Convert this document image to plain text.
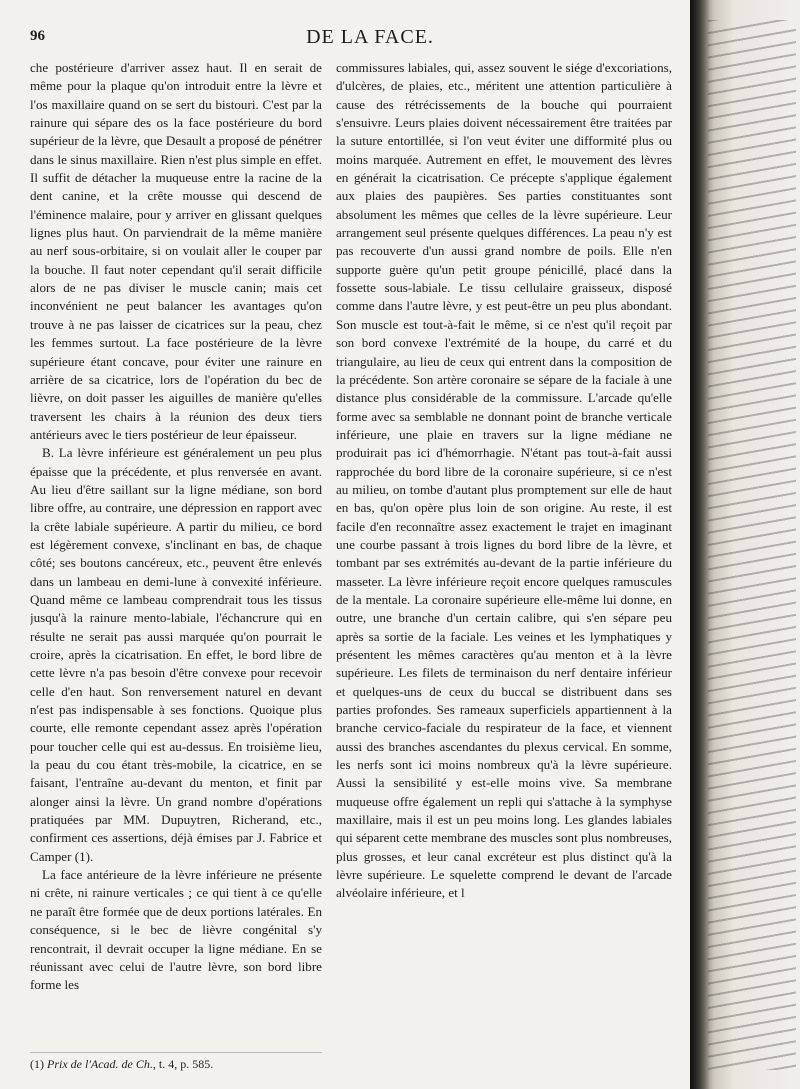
96	DE LA FACE.

che postérieure d'arriver assez haut. Il en serait de même pour la plaque qu'on introduit entre la lèvre et l'os maxillaire quand on se sert du bistouri. C'est par la rainure qui sépare des os la face postérieure du bord supérieur de la lèvre, que Desault a proposé de pénétrer dans le sinus maxillaire. Rien n'est plus simple en effet. Il suffit de détacher la muqueuse entre la racine de la dent canine, et la crête mousse qui descend de l'éminence malaire, pour y arriver en glissant quelques lignes plus haut. On parviendrait de la même manière au nerf sous-orbitaire, si on voulait aller le couper par la bouche. Il faut noter cependant qu'il serait difficile alors de ne pas diviser le muscle canin; mais cet inconvénient ne peut balancer les avantages qu'on trouve à ne pas laisser de cicatrices sur la peau, chez les femmes surtout. La face postérieure de la lèvre supérieure étant concave, pour éviter une rainure en arrière de sa cicatrice, lors de l'opération du bec de lièvre, on doit passer les aiguilles de manière qu'elles traversent les chairs à la réunion des deux tiers antérieurs avec le tiers postérieur de leur épaisseur.

B. La lèvre inférieure est généralement un peu plus épaisse que la précédente, et plus renversée en avant. Au lieu d'être saillant sur la ligne médiane, son bord libre offre, au contraire, une dépression en rapport avec la crête labiale supérieure. A partir du milieu, ce bord est légèrement convexe, s'inclinant en bas, de chaque côté; ses boutons cancéreux, etc., peuvent être enlevés dans un lambeau en demi-lune à convexité inférieure. Quand même ce lambeau comprendrait tous les tissus jusqu'à la rainure mento-labiale, l'échancrure qui en résulte ne serait pas aussi marquée qu'on pourrait le croire, après la cicatrisation. En effet, le bord libre de cette lèvre n'a pas besoin d'être convexe pour recevoir celle d'en haut. Son renversement naturel en devant n'est pas indispensable à ses fonctions. Quoique plus courte, elle remonte cependant assez après l'opération pour toucher celle qui est au-dessus. En troisième lieu, la peau du cou étant très-mobile, la cicatrice, en se faisant, l'entraîne au-devant du menton, et finit par alonger ainsi la lèvre. Un grand nombre d'opérations pratiquées par MM. Dupuytren, Richerand, etc., confirment ces assertions, déjà émises par J. Fabrice et Camper (1).

La face antérieure de la lèvre inférieure ne présente ni crête, ni rainure verticales ; ce qui tient à ce qu'elle ne paraît être formée que de deux portions latérales. En conséquence, si le bec de lièvre congénital s'y rencontrait, il devrait occuper la ligne médiane. En se réunissant avec celui de l'autre lèvre, son bord libre forme les

commissures labiales, qui, assez souvent le siége d'excoriations, d'ulcères, de plaies, etc., méritent une attention particulière à cause des rétrécissements de la bouche qui pourraient s'ensuivre. Leurs plaies doivent nécessairement être traitées par la suture entortillée, si l'on veut éviter une difformité plus ou moins marquée. Autrement en effet, le mouvement des lèvres en générait la cicatrisation. Ce précepte s'applique également aux plaies des paupières. Ses parties constituantes sont absolument les mêmes que celles de la lèvre supérieure. Leur arrangement seul présente quelques différences. La peau n'y est pas recouverte d'un aussi grand nombre de poils. Elle n'en supporte guère qu'un petit groupe pénicillé, placé dans la fossette sous-labiale. Le tissu cellulaire graisseux, disposé comme dans l'autre lèvre, y est peut-être un peu plus abondant. Son muscle est tout-à-fait le même, si ce n'est qu'il reçoit par son bord convexe l'extrémité de la houpe, du carré et du triangulaire, au lieu de ceux qui entrent dans la composition de la précédente. Son artère coronaire se sépare de la faciale à une distance plus considérable de la commissure. L'arcade qu'elle forme avec sa semblable ne donnant point de branche verticale inférieure, une plaie en travers sur la ligne médiane ne produirait pas ici d'hémorrhagie. N'étant pas tout-à-fait aussi rapprochée du bord libre de la coronaire supérieure, si ce n'est au milieu, on tombe d'autant plus promptement sur elle de haut en bas, qu'on opère plus loin de son origine. Au reste, il est facile d'en reconnaître assez exactement le trajet en imaginant une courbe passant à trois lignes du bord libre de la lèvre, et tombant par ses extrémités au-devant de la partie inférieure du masseter. La lèvre inférieure reçoit encore quelques ramuscules de la mentale. La coronaire supérieure elle-même lui donne, en outre, une branche d'un certain calibre, qui s'en sépare peu après sa sortie de la faciale. Les veines et les lymphatiques y présentent les mêmes caractères qu'au menton et à la lèvre supérieure. Les filets de terminaison du nerf dentaire inférieur et quelques-uns de ceux du buccal se distribuent dans ses parties profondes. Ses rameaux superficiels appartiennent à la branche cervico-faciale du respirateur de la face, et viennent aussi des branches ascendantes du plexus cervical. En somme, les nerfs sont ici moins nombreux qu'à la lèvre supérieure. Aussi la sensibilité y est-elle moins vive. Sa membrane muqueuse offre également un repli qui s'attache à la symphyse maxillaire, mais il est un peu moins long. Les glandes labiales qui séparent cette membrane des muscles sont plus nombreuses, plus grosses, et leur canal excréteur est plus distinct qu'à la lèvre supérieure. Le squelette comprend le devant de l'arcade alvéolaire inférieure, et l

(1) Prix de l'Acad. de Ch., t. 4, p. 585.
